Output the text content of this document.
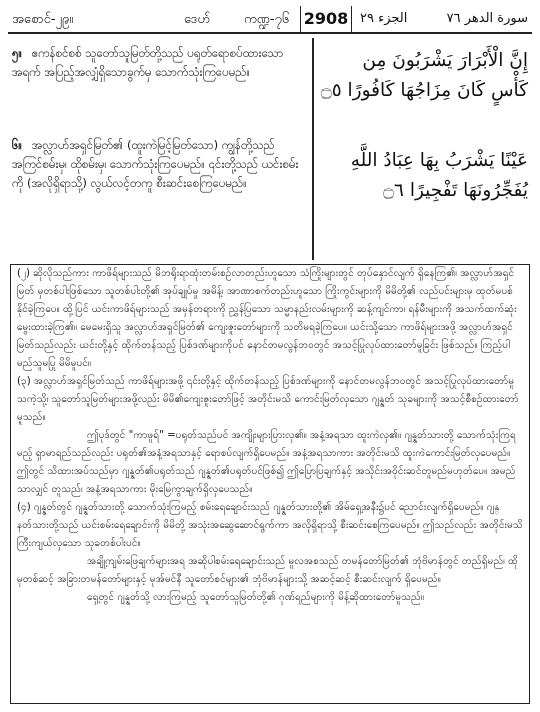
အစောင်-၂၉။	ဒေဟ်	ကဏ္ဍ-၇၆ 2908 الجزء ٢٩	سورة الدهر ٧٦
၅။ ဧကန်စင်စစ် သူတော်သူမြတ်တို့သည် ပရုတ်ရောစပ်ထားသောအရက် အပြည့်အလျှံရှိသောခွက်မှ သောက်သုံးကြပေမည်။
၆။ အလ္လာဟ်အရှင်မြတ်၏ (ထူးကဲမြင့်မြတ်သော) ကျွန်တို့သည် အကြင်စမ်းမှ၊ ထိုစမ်းမှ၊ သောက်သုံးကြပေမည်။ ၎င်းတို့သည် ယင်းစမ်းကို (အလိုရှိရာသို့) လွယ်လင့်တကူ စီးဆင်းစေကြပေမည်။
إِنَّ الْأَبْرَارَ يَشْرَبُونَ مِن كَأْسٍ كَانَ مِزَاجُهَا كَافُورًا ۝٥
عَيْنًا يَشْرَبُ بِهَا عِبَادُ اللَّهِ يُفَجِّرُونَهَا تَفْجِيرًا ۝٦

(၂) ဆိုလိုသည်ကား ကာဖိရ်များသည် မိဘရိုးရာထုံးတမ်းစဉ်လာတည်းဟူသော သံကြိုးများတွင် တုပ်နှောင်လျက် ရှိနေကြ၏၊ အလ္လာဟ်အရှင်မြတ် မှတစ်ပါးဖြစ်သော သူတစ်ပါးတို့၏ အုပ်ချုပ်မှု အမိန့်၊ အာဏာစက်တည်းဟူသော ကြိုးကွင်းများကို မိမိတို့၏ လည်ပင်းများမှ ထုတ်မပစ်နိုင်ခဲ့ကြပေ။ ထို့ပြင် ယင်းကာဖိရ်များသည် အမှန်တရားကို ညွှန်ပြသော သမ္မာနည်းလမ်းများကို ဆန့်ကျင်ကာ၊ ရန်မီးများကို အသက်ထက်ဆုံး မွေးထားခဲ့ကြ၏။ မေမေးရှိသူ အလ္လာဟ်အရှင်မြတ်၏ ကျေးဇူးတော်များကို သတိမရခဲ့ကြပေ။ ယင်းသို့သော ကာဖိရ်များအဖို့ အလ္လာဟ်အရှင်မြတ်သည်လည်း ယင်းတို့နှင့် ထိုက်တန်သည့် ပြစ်ဒဏ်များကိုပင် နောင်တမလွန်ဘဝတွင် အသင့်ပြုလုပ်ထားတော်မူခြင်း ဖြစ်သည်။ ကြည့်ပါ မည်သူမပြု မိမိမူပင်။

(၃) အလ္လာဟ်အရှင်မြတ်သည် ကာဖိရ်များအဖို့ ၎င်းတို့နှင့် ထိုက်တန်သည့် ပြစ်ဒဏ်များကို နောင်တမလွန်ဘဝတွင် အသင့်ပြုလုပ်ထားတော်မူသကဲ့သို့၊ သူတော်သူမြတ်များအဖို့လည်း မိမိ၏ကျေးဇူးတော်ဖြင့် အတိုင်းမသိ ကောင်းမြတ်လှသော ဂျန္နတ် သုခများကို အသင့်စီစဉ်ထားတော်မူသည်။

ဤပုဒ်တွင် "ကာဖူရ်" =ပရုတ်သည်ပင် အကျိုးများပြားလှ၏။ အနံ့အရသာ ထူးကဲလှ၏။ ဂျန္နတ်သားတို့ သောက်သုံးကြရမည့် ရှာမာရည်သည်လည်း ပရုတ်၏အနံ့အရသာနှင့် ရောစပ်လျက်ရှိပေမည်။ အနံ့အရသာကား အတိုင်းမသိ ထူးကဲကောင်းမြတ်လှပေမည်။ ဤတွင် သိထားအပ်သည်မှာ ဂျန္နတ်၏ပရုတ်သည် ဂျန္နတ်၏ပရုတ်ပင်ဖြစ်၍ ဤပြောပြချက်နှင့် အသိုင်းအဝိုင်းဆင်တူမည်မဟုတ်ပေ။ အမည်သာလျှင် တူသည်၊ အနံ့အရသာကား မိုးမြေကွာချက်ရှိလှပေသည်။

(၄) ဂျန္နတ်တွင် ဂျန္နတ်သားတို့ သောက်သုံးကြမည့် စမ်းရေချောင်းသည် ဂျန္နတ်သားတို့၏ အိမ်ရှေ့အနီး၌ပင် ညောင်းလျက်ရှိပေမည်။ ဂျန္နတ်သားတို့သည် ယင်းစမ်းရေချောင်းကို မိမိတို့ အသုံးအဆွေဆောင်ရွက်ကာ အလိုရှိရာသို့ စီးဆင်းစေကြပေမည်။ ဤသည်လည်း အတိုင်းမသိ ကြီးကျယ်လှသော သုခတစ်ပါးပင်။

အချို့ကျမ်းဖြေချက်များအရ အဆိုပါစမ်းရေချောင်းသည် မူလအစသည် တမန်တော်မြတ်၏ ဘုံဗိမာန်တွင် တည်ရှိမည်၊ ထိုမှတစ်ဆင့် အခြားတမန်တော်များနှင့် မုအ်မင်နီ သူတော်စင်များ၏ ဘုံဗိမာန်များသို့ အဆင့်ဆင့် စီးဆင်းလျက် ရှိပေမည်။

ရှေ့တွင် ဂျန္နတ်သို့ လားကြမည့် သူတော်သူမြတ်တို့၏ ဂုဏ်ရည်များကို မိန့်ဆိုထားတော်မူသည်။
